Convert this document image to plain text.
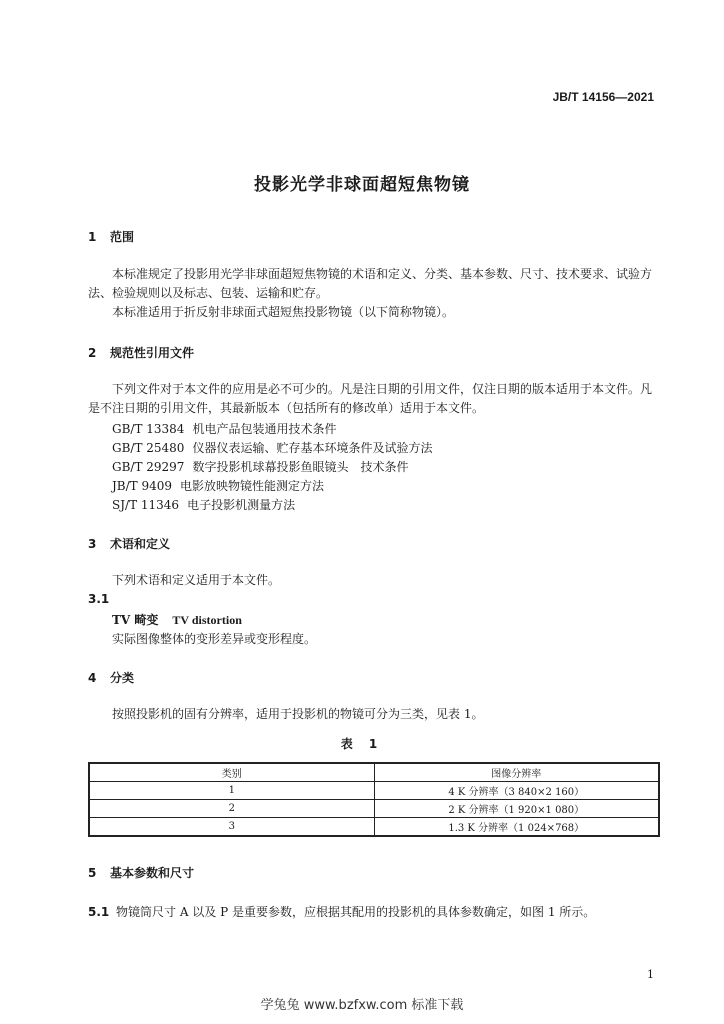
JB/T 14156—2021
投影光学非球面超短焦物镜
1 范围
本标准规定了投影用光学非球面超短焦物镜的术语和定义、分类、基本参数、尺寸、技术要求、试验方法、检验规则以及标志、包装、运输和贮存。
本标准适用于折反射非球面式超短焦投影物镜（以下简称物镜）。
2 规范性引用文件
下列文件对于本文件的应用是必不可少的。凡是注日期的引用文件，仅注日期的版本适用于本文件。凡是不注日期的引用文件，其最新版本（包括所有的修改单）适用于本文件。
GB/T 13384 机电产品包装通用技术条件
GB/T 25480 仪器仪表运输、贮存基本环境条件及试验方法
GB/T 29297 数字投影机球幕投影鱼眼镜头　技术条件
JB/T 9409 电影放映物镜性能测定方法
SJ/T 11346 电子投影机测量方法
3 术语和定义
下列术语和定义适用于本文件。
3.1
TV 畸变 TV distortion
实际图像整体的变形差异或变形程度。
4 分类
按照投影机的固有分辨率，适用于投影机的物镜可分为三类，见表 1。
表 1
类别	图像分辨率
1	4 K 分辨率（3 840×2 160）
2	2 K 分辨率（1 920×1 080）
3	1.3 K 分辨率（1 024×768）
5 基本参数和尺寸
5.1 物镜筒尺寸 A 以及 P 是重要参数，应根据其配用的投影机的具体参数确定，如图 1 所示。
1
学兔兔 www.bzfxw.com 标准下载
